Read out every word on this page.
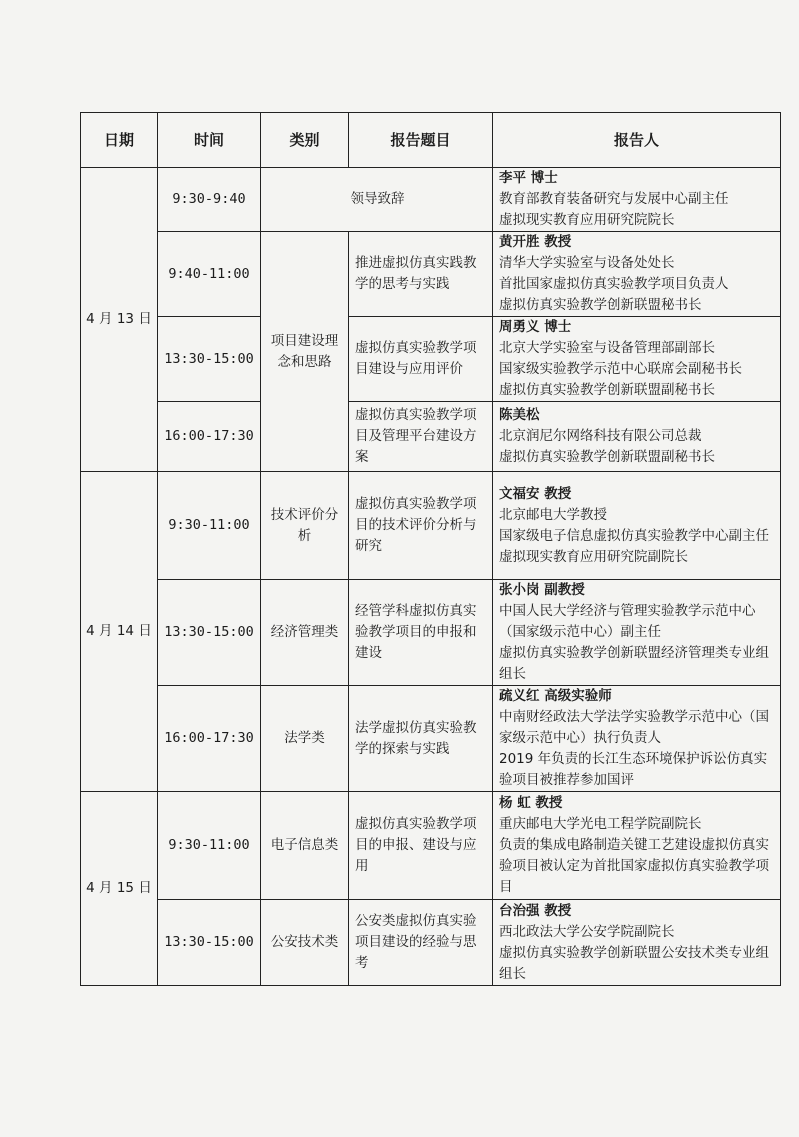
日期	时间	类别	报告题目	报告人
4 月 13 日	9:30-9:40	领导致辞		李平 博士
教育部教育装备研究与发展中心副主任
虚拟现实教育应用研究院院长

	9:40-11:00	项目建设理念和思路	推进虚拟仿真实践教学的思考与实践	黄开胜 教授
清华大学实验室与设备处处长
首批国家虚拟仿真实验教学项目负责人
虚拟仿真实验教学创新联盟秘书长

	13:30-15:00		虚拟仿真实验教学项目建设与应用评价	周勇义 博士
北京大学实验室与设备管理部副部长
国家级实验教学示范中心联席会副秘书长
虚拟仿真实验教学创新联盟副秘书长

	16:00-17:30		虚拟仿真实验教学项目及管理平台建设方案	陈美松
北京润尼尔网络科技有限公司总裁
虚拟仿真实验教学创新联盟副秘书长

4 月 14 日	9:30-11:00	技术评价分析	虚拟仿真实验教学项目的技术评价分析与研究	文福安 教授
北京邮电大学教授
国家级电子信息虚拟仿真实验教学中心副主任
虚拟现实教育应用研究院副院长

	13:30-15:00	经济管理类	经管学科虚拟仿真实验教学项目的申报和建设	张小岗 副教授
中国人民大学经济与管理实验教学示范中心（国家级示范中心）副主任
虚拟仿真实验教学创新联盟经济管理类专业组组长

	16:00-17:30	法学类	法学虚拟仿真实验教学的探索与实践	疏义红 高级实验师
中南财经政法大学法学实验教学示范中心（国家级示范中心）执行负责人
2019 年负责的长江生态环境保护诉讼仿真实验项目被推荐参加国评

4 月 15 日	9:30-11:00	电子信息类	虚拟仿真实验教学项目的申报、建设与应用	杨 虹 教授
重庆邮电大学光电工程学院副院长
负责的集成电路制造关键工艺建设虚拟仿真实验项目被认定为首批国家虚拟仿真实验教学项目

	13:30-15:00	公安技术类	公安类虚拟仿真实验项目建设的经验与思考	台治强 教授
西北政法大学公安学院副院长
虚拟仿真实验教学创新联盟公安技术类专业组组长
